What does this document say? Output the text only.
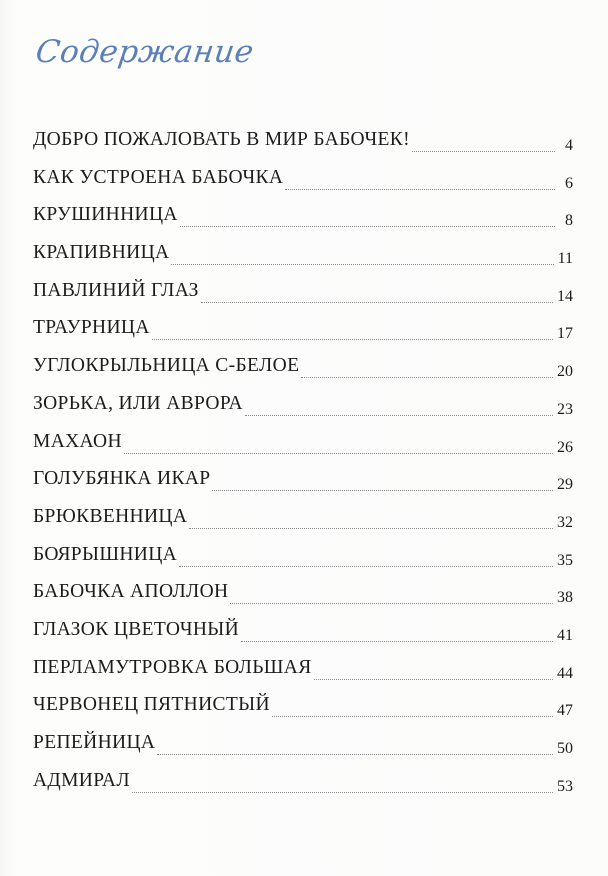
Содержание
ДОБРО ПОЖАЛОВАТЬ В МИР БАБОЧЕК!	4
КАК УСТРОЕНА БАБОЧКА	6
КРУШИННИЦА	8
КРАПИВНИЦА	11
ПАВЛИНИЙ ГЛАЗ	14
ТРАУРНИЦА	17
УГЛОКРЫЛЬНИЦА C-БЕЛОЕ	20
ЗОРЬКА, ИЛИ АВРОРА	23
МАХАОН	26
ГОЛУБЯНКА ИКАР	29
БРЮКВЕННИЦА	32
БОЯРЫШНИЦА	35
БАБОЧКА АПОЛЛОН	38
ГЛАЗОК ЦВЕТОЧНЫЙ	41
ПЕРЛАМУТРОВКА БОЛЬШАЯ	44
ЧЕРВОНЕЦ ПЯТНИСТЫЙ	47
РЕПЕЙНИЦА	50
АДМИРАЛ	53
